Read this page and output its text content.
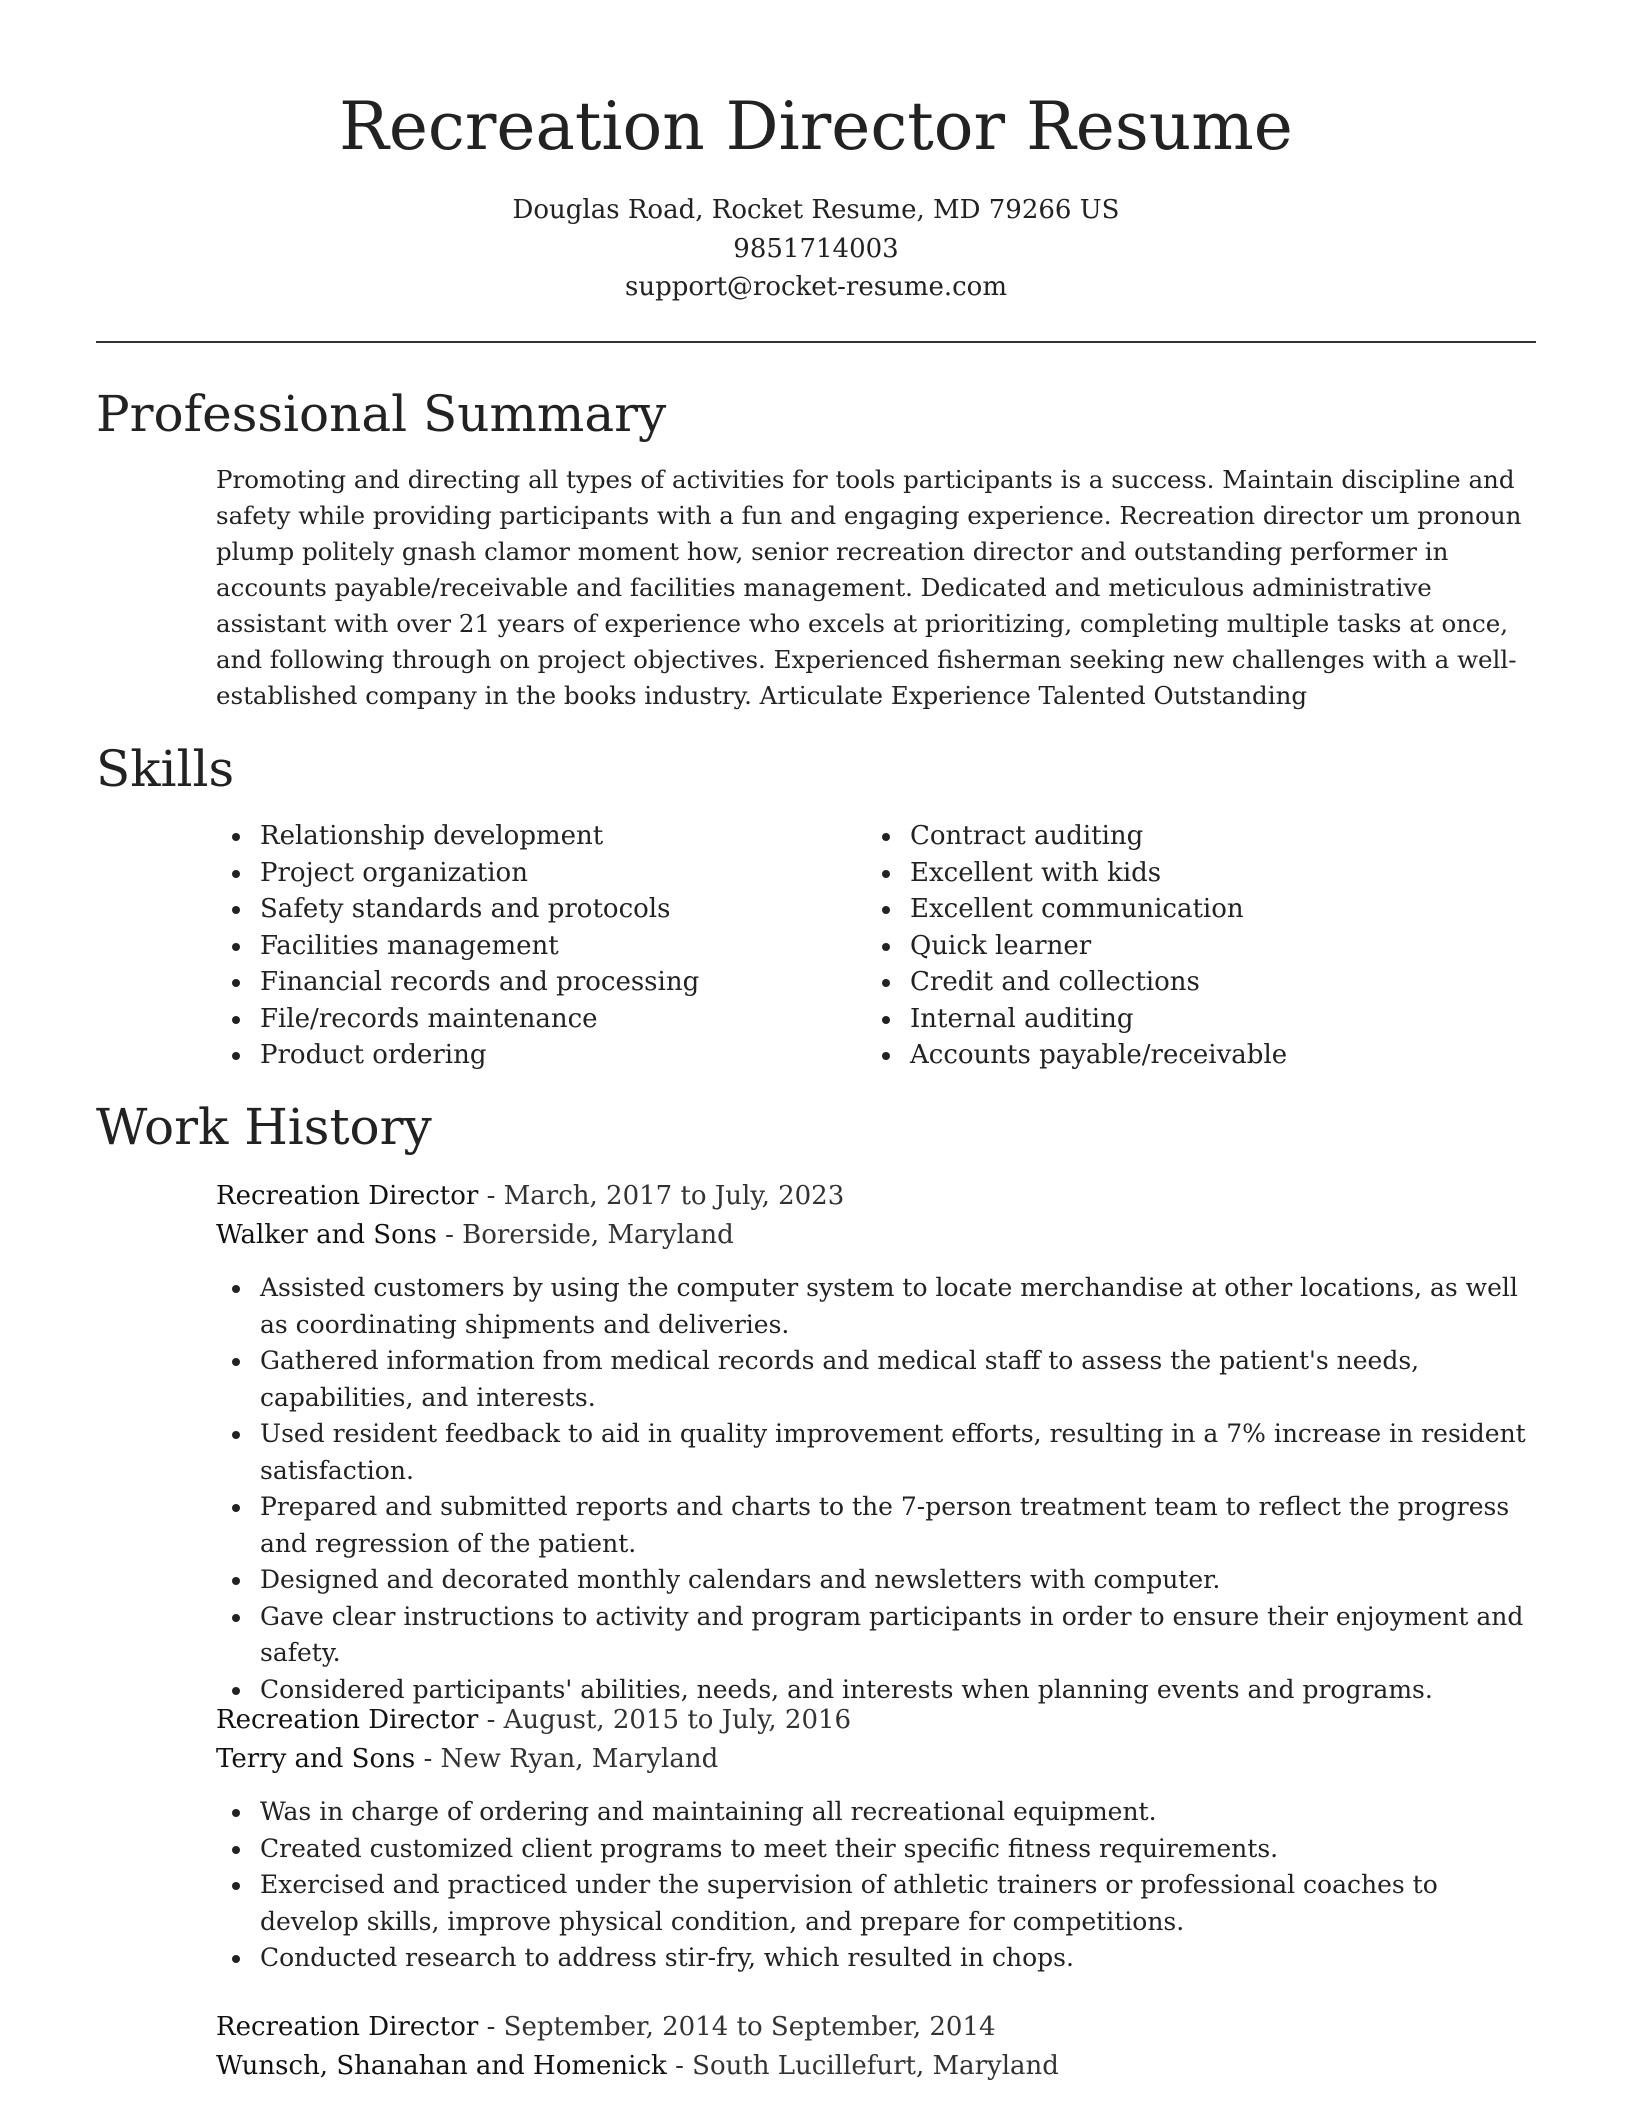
Recreation Director Resume
Douglas Road, Rocket Resume, MD 79266 US
9851714003
support@rocket-resume.com
Professional Summary

Promoting and directing all types of activities for tools participants is a success. Maintain discipline and safety while providing participants with a fun and engaging experience. Recreation director um pronoun plump politely gnash clamor moment how, senior recreation director and outstanding performer in accounts payable/receivable and facilities management. Dedicated and meticulous administrative assistant with over 21 years of experience who excels at prioritizing, completing multiple tasks at once, and following through on project objectives. Experienced fisherman seeking new challenges with a well-established company in the books industry. Articulate Experience Talented Outstanding

Skills
Relationship development
Project organization
Safety standards and protocols
Facilities management
Financial records and processing
File/records maintenance
Product ordering
Contract auditing
Excellent with kids
Excellent communication
Quick learner
Credit and collections
Internal auditing
Accounts payable/receivable
Work History
Recreation Director - March, 2017 to July, 2023
Walker and Sons - Borerside, Maryland
Assisted customers by using the computer system to locate merchandise at other locations, as well as coordinating shipments and deliveries.
Gathered information from medical records and medical staff to assess the patient's needs, capabilities, and interests.
Used resident feedback to aid in quality improvement efforts, resulting in a 7% increase in resident satisfaction.
Prepared and submitted reports and charts to the 7-person treatment team to reflect the progress and regression of the patient.
Designed and decorated monthly calendars and newsletters with computer.
Gave clear instructions to activity and program participants in order to ensure their enjoyment and safety.
Considered participants' abilities, needs, and interests when planning events and programs.
Recreation Director - August, 2015 to July, 2016
Terry and Sons - New Ryan, Maryland
Was in charge of ordering and maintaining all recreational equipment.
Created customized client programs to meet their specific fitness requirements.
Exercised and practiced under the supervision of athletic trainers or professional coaches to develop skills, improve physical condition, and prepare for competitions.
Conducted research to address stir-fry, which resulted in chops.
Recreation Director - September, 2014 to September, 2014
Wunsch, Shanahan and Homenick - South Lucillefurt, Maryland
